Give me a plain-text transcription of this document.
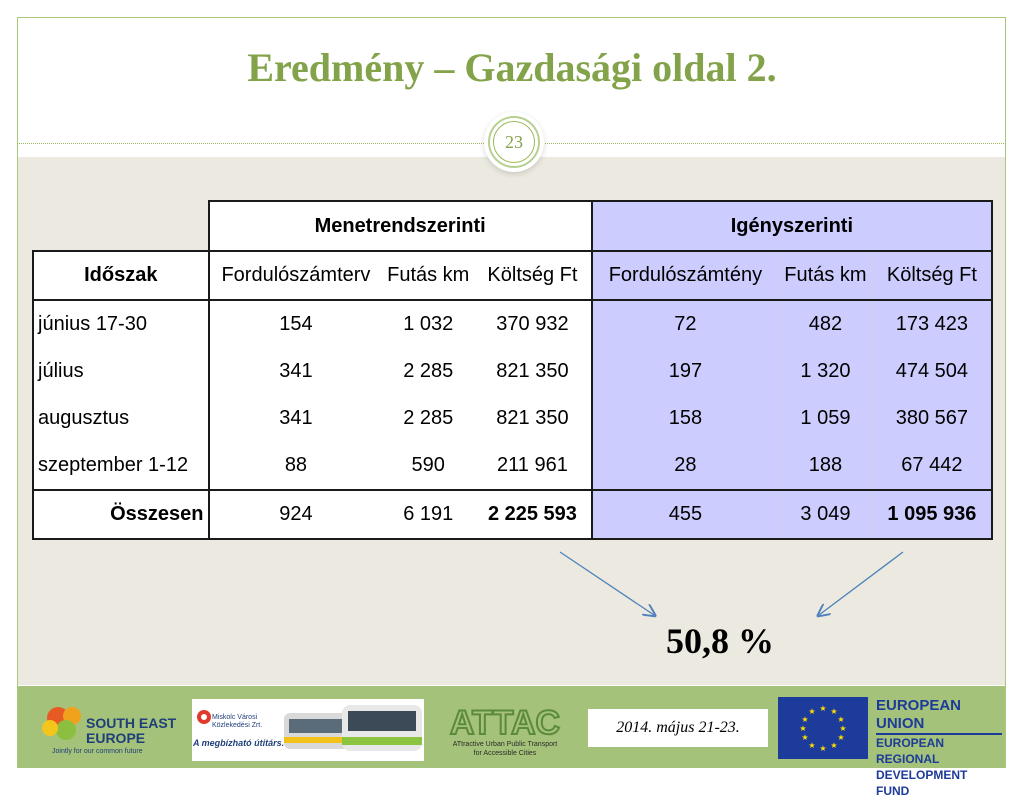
Eredmény – Gazdasági oldal 2.
23
	Menetrendszerinti			Igényszerinti		
Időszak	Fordulószámterv	Futás km	Költség Ft	Fordulószámtény	Futás km	Költség Ft
június 17-30	154	1 032	370 932	72	482	173 423
július	341	2 285	821 350	197	1 320	474 504
augusztus	341	2 285	821 350	158	1 059	380 567
szeptember 1-12	88	590	211 961	28	188	67 442
Összesen	924	6 191	2 225 593	455	3 049	1 095 936
50,8 %
SOUTH EAST
EUROPE
Jointly for our common future
Miskolc Városi
Közlekedési Zrt.
A megbízható útitárs.
ATTAC
ATtractive Urban Public Transport
for Accessible Cities
2014. május 21-23.
★ ★
★
★
★
★
★
★
★
★
★
★	EUROPEAN UNION
EUROPEAN REGIONAL
DEVELOPMENT FUND
